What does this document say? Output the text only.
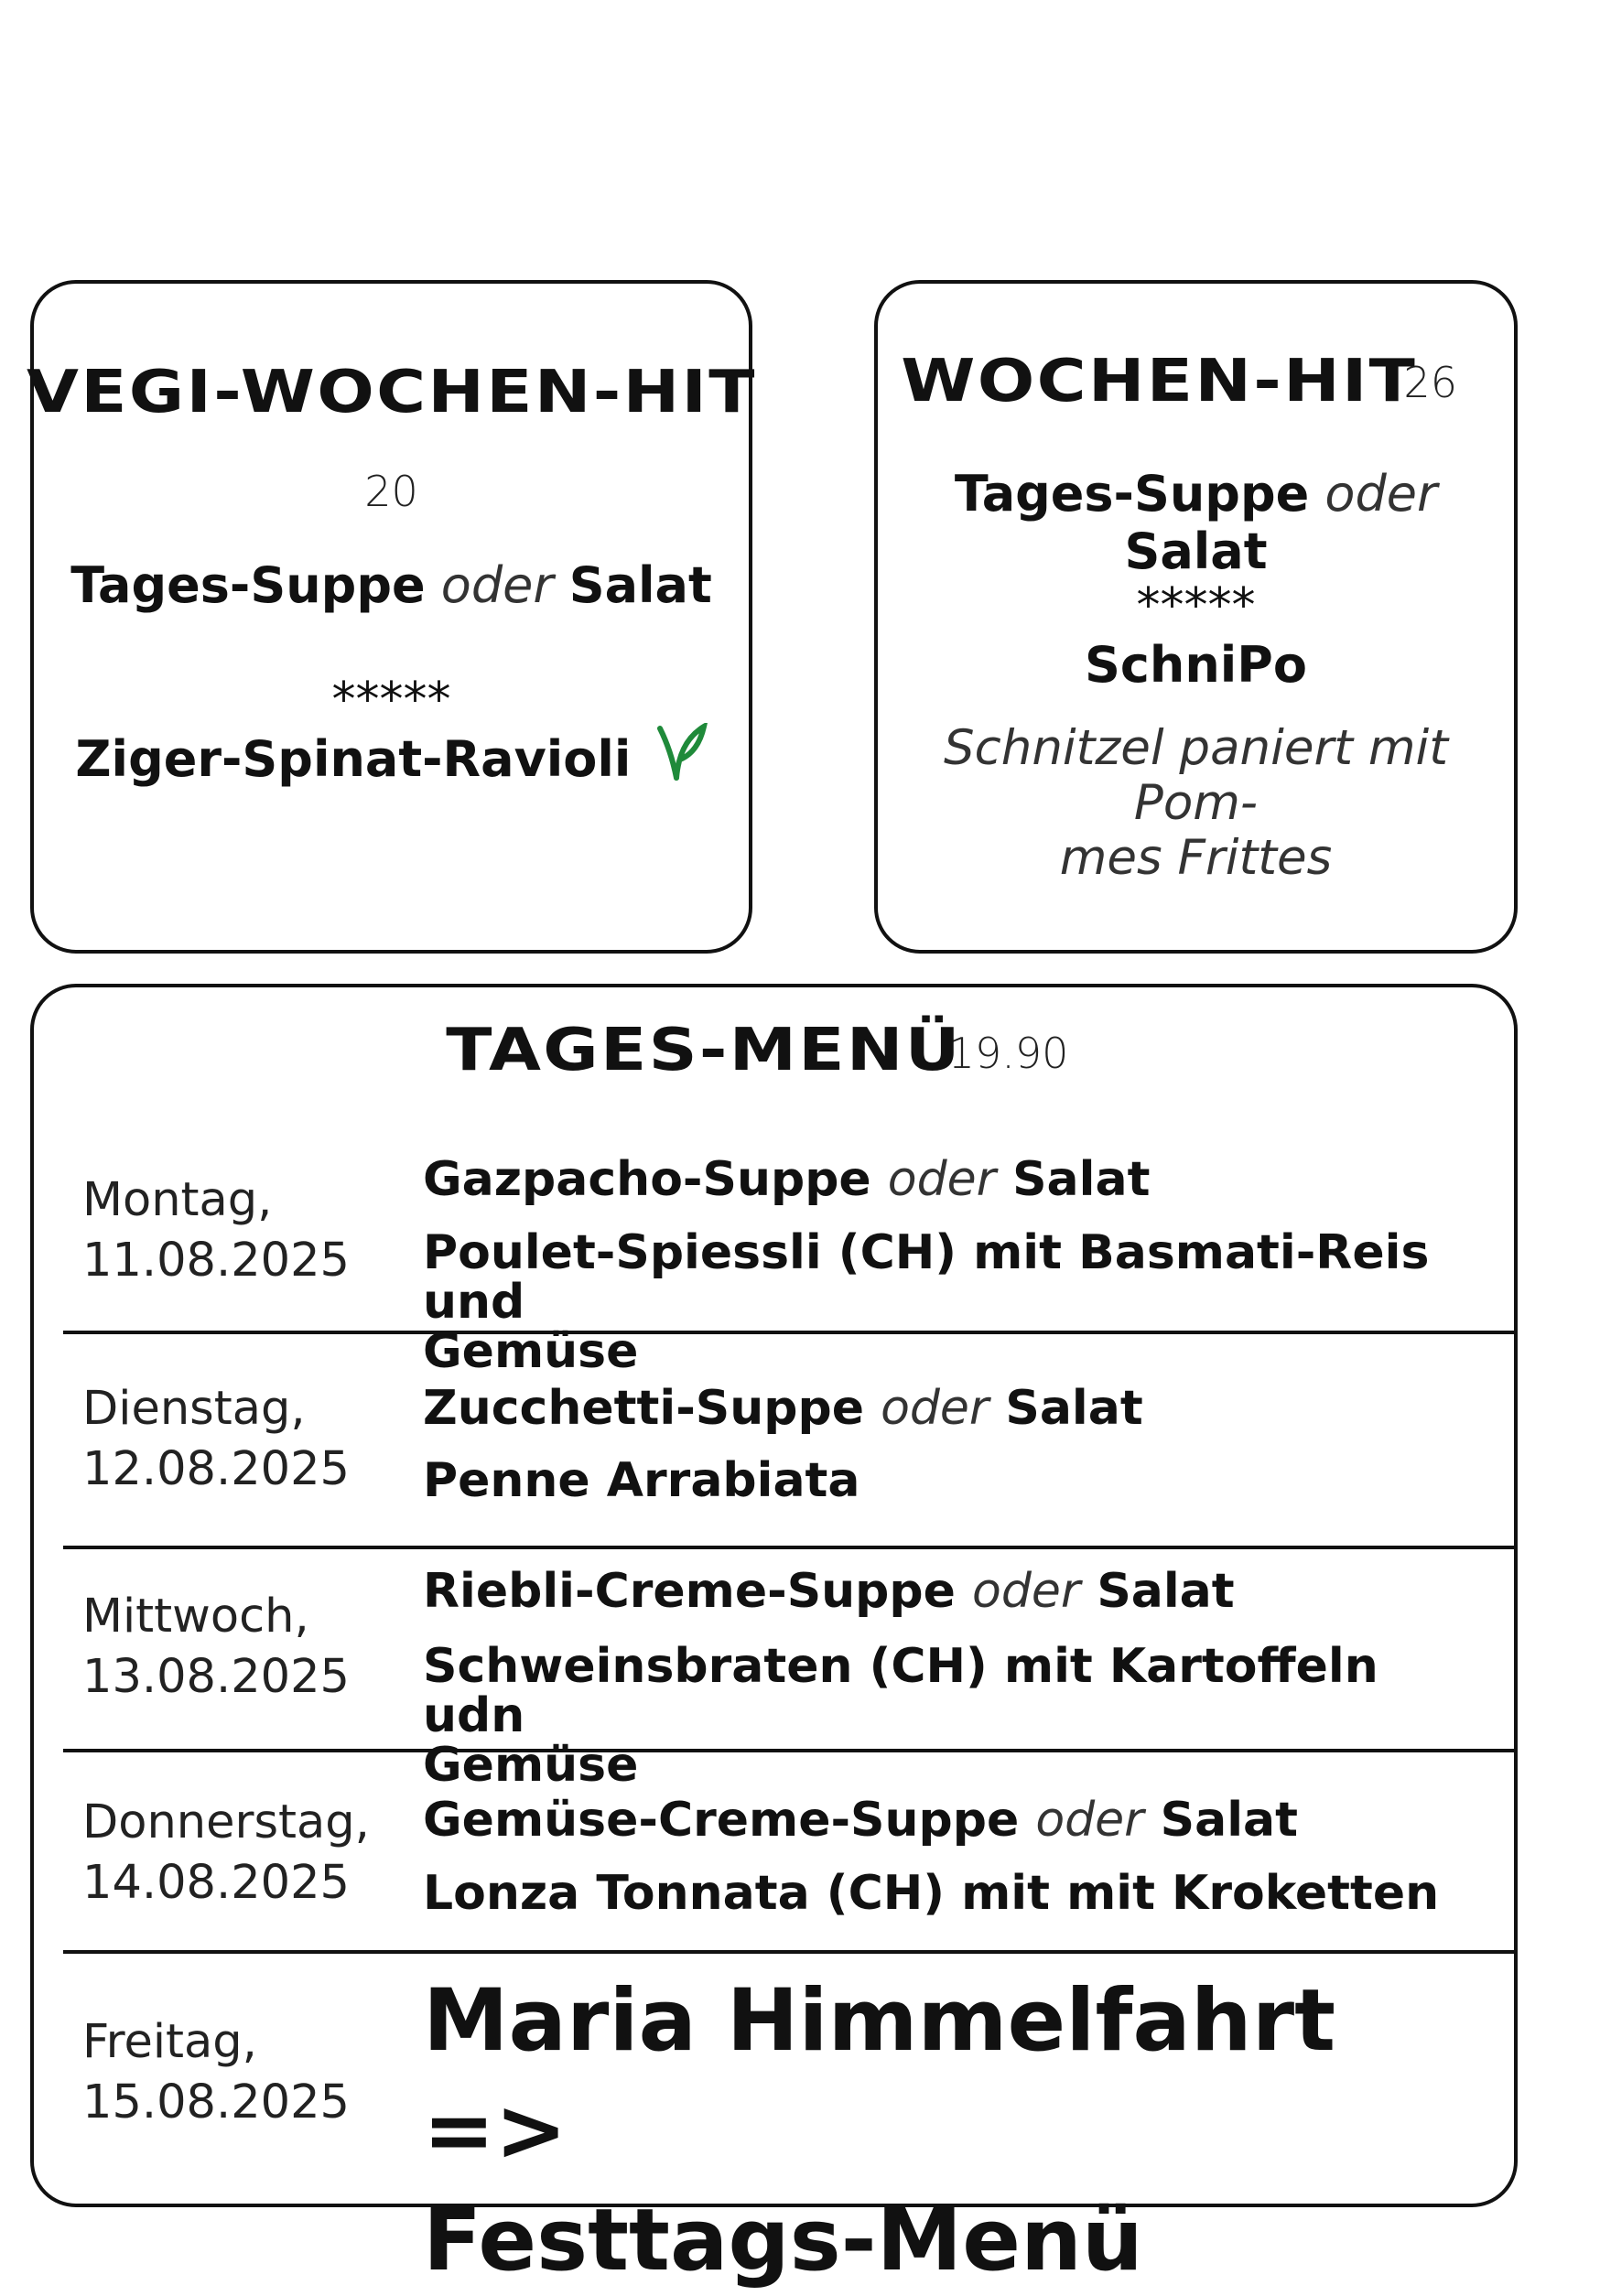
VEGI-WOCHEN-HIT
20
Tages-Suppe oder Salat
*****
Ziger-Spinat-Ravioli
WOCHEN-HIT26
Tages-Suppe oder Salat
*****
SchniPo
Schnitzel paniert mit Pom-
mes Frittes
TAGES-MENÜ19.90
Montag,
11.08.2025
Gazpacho-Suppe oder Salat
Poulet-Spiessli (CH) mit Basmati-Reis und
Gemüse
Dienstag,
12.08.2025
Zucchetti-Suppe oder Salat
Penne Arrabiata
Mittwoch,
13.08.2025
Riebli-Creme-Suppe oder Salat
Schweinsbraten (CH) mit Kartoffeln udn
Gemüse
Donnerstag,
14.08.2025
Gemüse-Creme-Suppe oder Salat
Lonza Tonnata (CH) mit mit Kroketten
Freitag,
15.08.2025
Maria Himmelfahrt =>
Festtags-Menü
